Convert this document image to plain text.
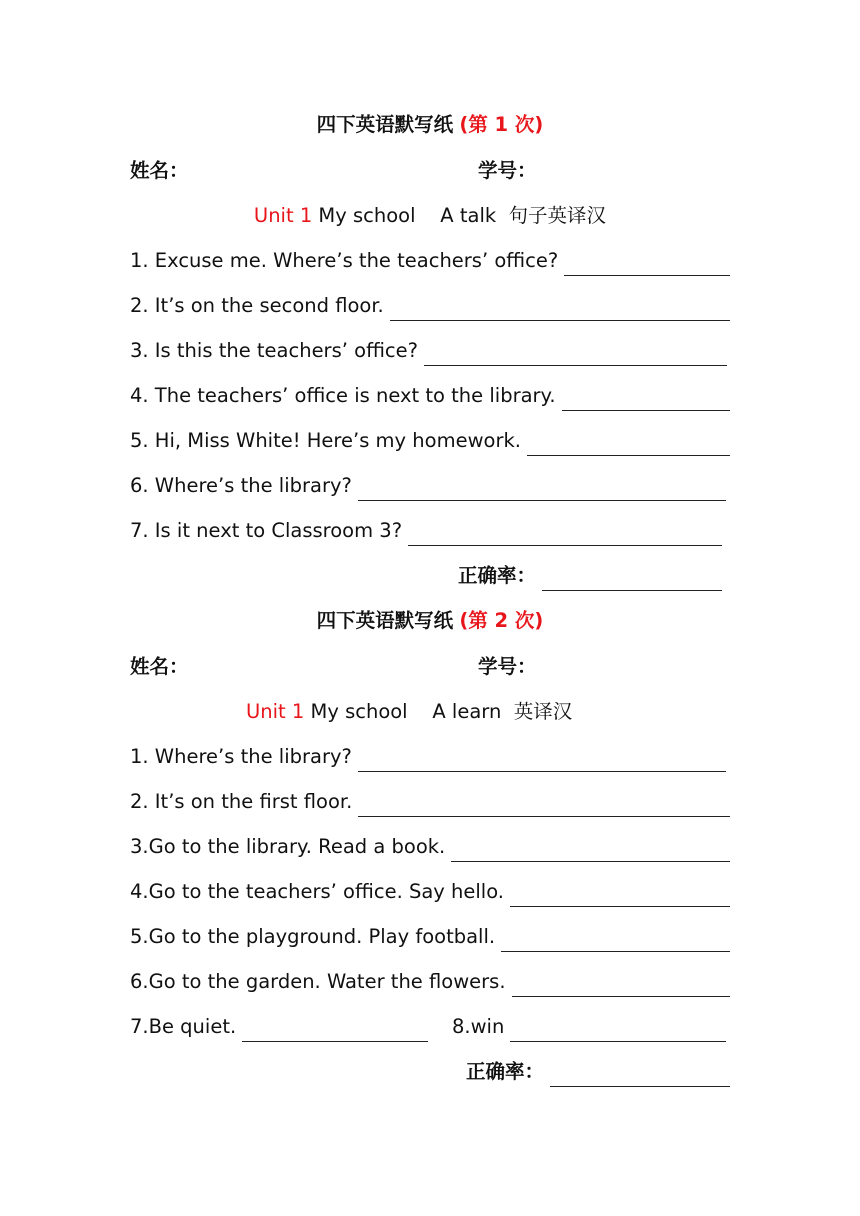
四下英语默写纸 (第 1 次)
姓名：	学号：
Unit 1 My school    A talk  句子英译汉
1. Excuse me. Where’s the teachers’ office?
2. It’s on the second floor.
3. Is this the teachers’ office?
4. The teachers’ office is next to the library.
5. Hi, Miss White! Here’s my homework.
6. Where’s the library?
7. Is it next to Classroom 3?
正确率：
四下英语默写纸 (第 2 次)
姓名：	学号：
Unit 1 My school    A learn  英译汉
1. Where’s the library?
2. It’s on the first floor.
3.Go to the library. Read a book.
4.Go to the teachers’ office. Say hello.
5.Go to the playground. Play football.
6.Go to the garden. Water the flowers.
7.Be quiet.	8.win
正确率：
